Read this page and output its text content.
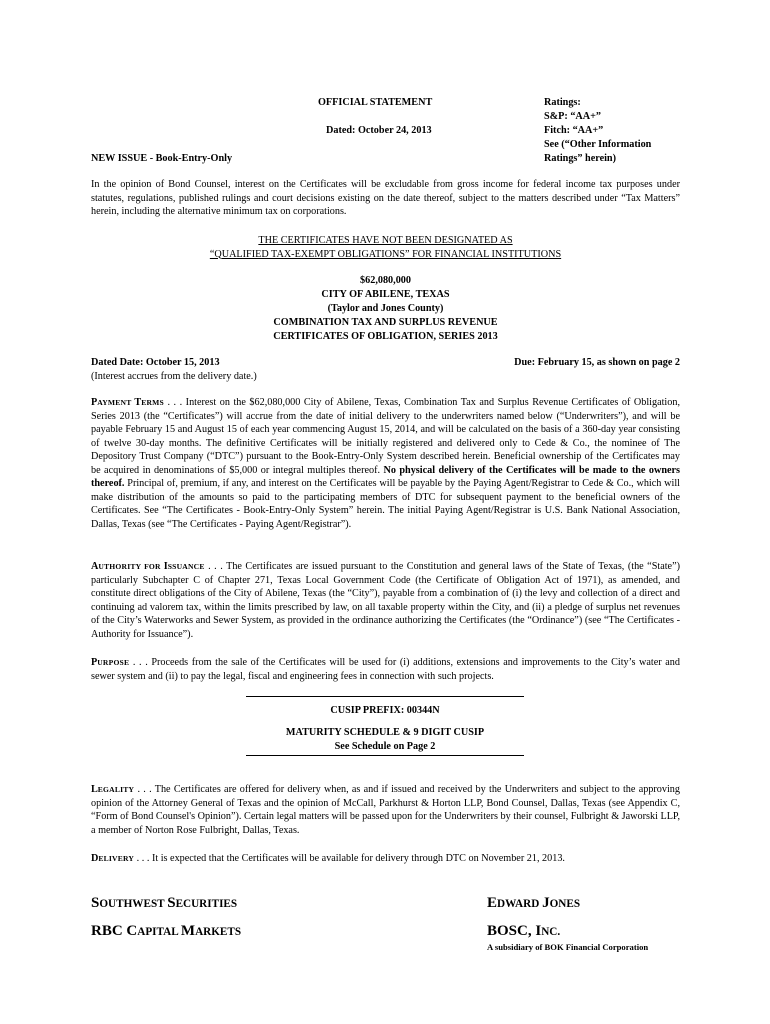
OFFICIAL STATEMENT
Dated: October 24, 2013
NEW ISSUE - Book-Entry-Only
Ratings:
S&P: “AA+”
Fitch: “AA+”
See (“Other Information
Ratings” herein)
In the opinion of Bond Counsel, interest on the Certificates will be excludable from gross income for federal income tax purposes under statutes, regulations, published rulings and court decisions existing on the date thereof, subject to the matters described under “Tax Matters” herein, including the alternative minimum tax on corporations.
THE CERTIFICATES HAVE NOT BEEN DESIGNATED AS
“QUALIFIED TAX-EXEMPT OBLIGATIONS” FOR FINANCIAL INSTITUTIONS
$62,080,000
CITY OF ABILENE, TEXAS
(Taylor and Jones County)
COMBINATION TAX AND SURPLUS REVENUE
CERTIFICATES OF OBLIGATION, SERIES 2013
Dated Date: October 15, 2013
(Interest accrues from the delivery date.)
Due: February 15, as shown on page 2
PAYMENT TERMS . . . Interest on the $62,080,000 City of Abilene, Texas, Combination Tax and Surplus Revenue Certificates of Obligation, Series 2013 (the “Certificates”) will accrue from the date of initial delivery to the underwriters named below (“Underwriters”), and will be payable February 15 and August 15 of each year commencing August 15, 2014, and will be calculated on the basis of a 360-day year consisting of twelve 30-day months. The definitive Certificates will be initially registered and delivered only to Cede & Co., the nominee of The Depository Trust Company (“DTC”) pursuant to the Book-Entry-Only System described herein. Beneficial ownership of the Certificates may be acquired in denominations of $5,000 or integral multiples thereof. No physical delivery of the Certificates will be made to the owners thereof. Principal of, premium, if any, and interest on the Certificates will be payable by the Paying Agent/Registrar to Cede & Co., which will make distribution of the amounts so paid to the participating members of DTC for subsequent payment to the beneficial owners of the Certificates. See “The Certificates - Book-Entry-Only System” herein. The initial Paying Agent/Registrar is U.S. Bank National Association, Dallas, Texas (see “The Certificates - Paying Agent/Registrar”).
AUTHORITY FOR ISSUANCE . . . The Certificates are issued pursuant to the Constitution and general laws of the State of Texas, (the “State”) particularly Subchapter C of Chapter 271, Texas Local Government Code (the Certificate of Obligation Act of 1971), as amended, and constitute direct obligations of the City of Abilene, Texas (the “City”), payable from a combination of (i) the levy and collection of a direct and continuing ad valorem tax, within the limits prescribed by law, on all taxable property within the City, and (ii) a pledge of surplus net revenues of the City’s Waterworks and Sewer System, as provided in the ordinance authorizing the Certificates (the “Ordinance”) (see “The Certificates - Authority for Issuance”).
PURPOSE . . . Proceeds from the sale of the Certificates will be used for (i) additions, extensions and improvements to the City’s water and sewer system and (ii) to pay the legal, fiscal and engineering fees in connection with such projects.
CUSIP PREFIX: 00344N
MATURITY SCHEDULE & 9 DIGIT CUSIP
See Schedule on Page 2
LEGALITY . . . The Certificates are offered for delivery when, as and if issued and received by the Underwriters and subject to the approving opinion of the Attorney General of Texas and the opinion of McCall, Parkhurst & Horton LLP, Bond Counsel, Dallas, Texas (see Appendix C, “Form of Bond Counsel's Opinion”). Certain legal matters will be passed upon for the Underwriters by their counsel, Fulbright & Jaworski LLP, a member of Norton Rose Fulbright, Dallas, Texas.
DELIVERY . . . It is expected that the Certificates will be available for delivery through DTC on November 21, 2013.
SOUTHWEST SECURITIES
RBC CAPITAL MARKETS
EDWARD JONES
BOSC, INC.
A subsidiary of BOK Financial Corporation
